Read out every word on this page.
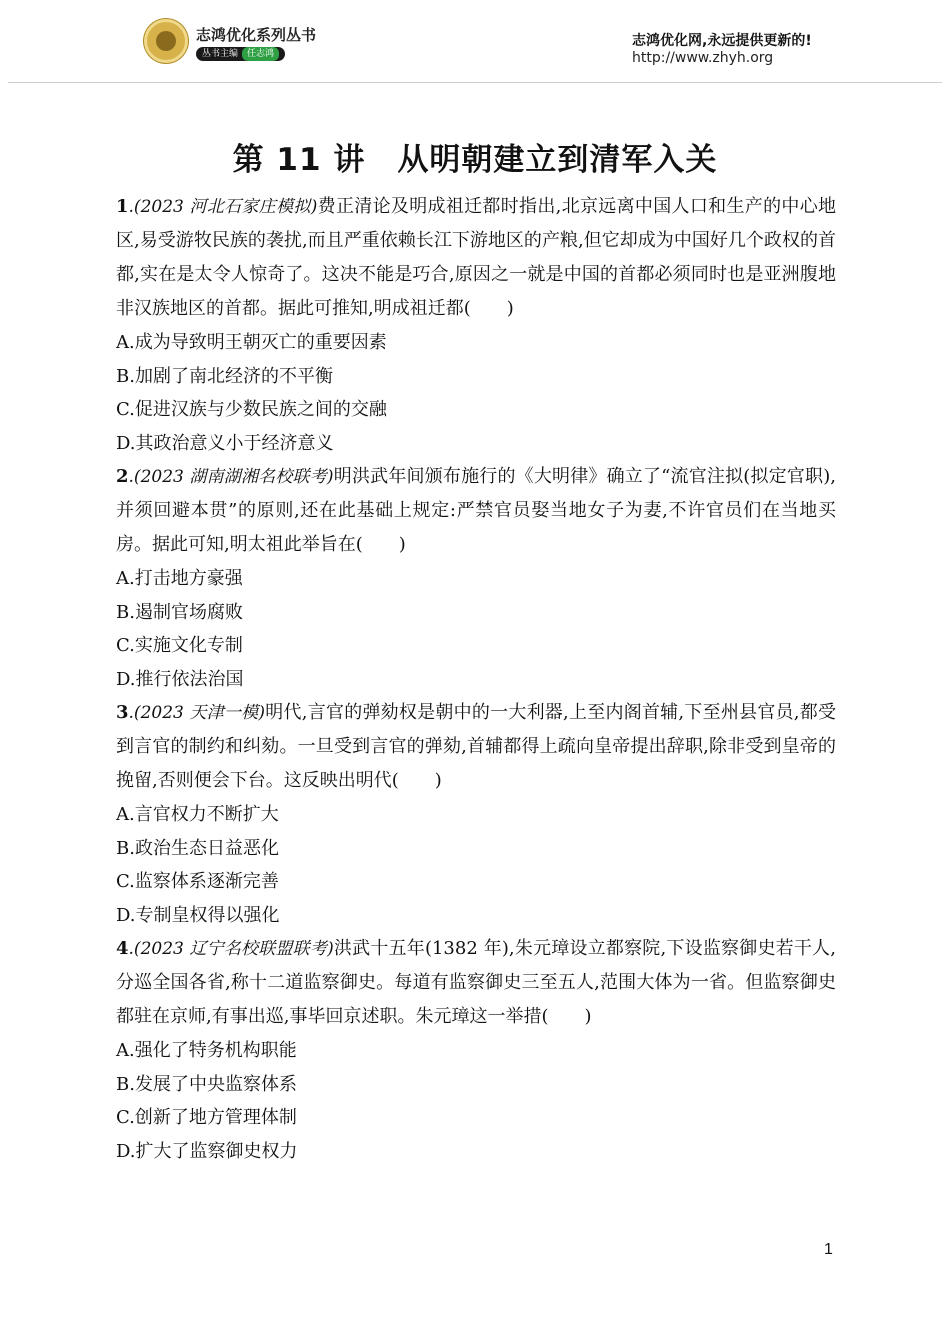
志鸿优化系列丛书
丛书主编	任志鸿
志鸿优化网,永远提供更新的!
http://www.zhyh.org
第 11 讲　从明朝建立到清军入关
1.(2023 河北石家庄模拟)费正清论及明成祖迁都时指出,北京远离中国人口和生产的中心地区,易受游牧民族的袭扰,而且严重依赖长江下游地区的产粮,但它却成为中国好几个政权的首都,实在是太令人惊奇了。这决不能是巧合,原因之一就是中国的首都必须同时也是亚洲腹地非汉族地区的首都。据此可推知,明成祖迁都(　　)
A.成为导致明王朝灭亡的重要因素
B.加剧了南北经济的不平衡
C.促进汉族与少数民族之间的交融
D.其政治意义小于经济意义
2.(2023 湖南湖湘名校联考)明洪武年间颁布施行的《大明律》确立了“流官注拟(拟定官职),并须回避本贯”的原则,还在此基础上规定:严禁官员娶当地女子为妻,不许官员们在当地买房。据此可知,明太祖此举旨在(　　)
A.打击地方豪强
B.遏制官场腐败
C.实施文化专制
D.推行依法治国
3.(2023 天津一模)明代,言官的弹劾权是朝中的一大利器,上至内阁首辅,下至州县官员,都受到言官的制约和纠劾。一旦受到言官的弹劾,首辅都得上疏向皇帝提出辞职,除非受到皇帝的挽留,否则便会下台。这反映出明代(　　)
A.言官权力不断扩大
B.政治生态日益恶化
C.监察体系逐渐完善
D.专制皇权得以强化
4.(2023 辽宁名校联盟联考)洪武十五年(1382 年),朱元璋设立都察院,下设监察御史若干人,分巡全国各省,称十二道监察御史。每道有监察御史三至五人,范围大体为一省。但监察御史都驻在京师,有事出巡,事毕回京述职。朱元璋这一举措(　　)
A.强化了特务机构职能
B.发展了中央监察体系
C.创新了地方管理体制
D.扩大了监察御史权力
1
